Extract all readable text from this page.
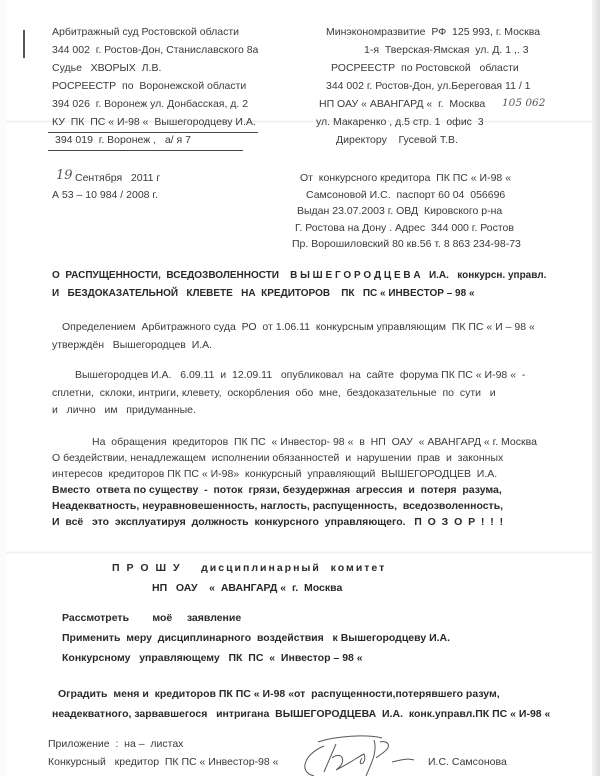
Арбитражный суд Ростовской области
344 002  г. Ростов-Дон, Станиславского 8а
Судье   ХВОРЫХ  Л.В.
РОСРЕЕСТР  по  Воронежской области
394 026  г. Воронеж ул. Донбасская, д. 2
КУ  ПК  ПС « И-98 «  Вышегородцеву И.А.
394 019  г. Воронеж ,   а/ я 7
Минэкономразвитие  РФ  125 993, г. Москва
1-я  Тверская-Ямская  ул. Д. 1 ,. 3
РОСРЕЕСТР  по Ростовской   области
344 002 г. Ростов-Дон, ул.Береговая 11 / 1
НП ОАУ « АВАНГАРД «  г.  Москва 105 062
ул. Макаренко , д.5 стр. 1  офис  3
Директору    Гусевой Т.В.
19 Сентября   2011 г
А 53 – 10 984 / 2008 г.
От  конкурсного кредитора  ПК ПС « И-98 «
Самсоновой И.С.  паспорт 60 04  056696
Выдан 23.07.2003 г. ОВД  Кировского р-на
Г. Ростова на Дону . Адрес  344 000 г. Ростов
Пр. Ворошиловский 80 кв.56 т. 8 863 234-98-73
О  РАСПУЩЕННОСТИ,  ВСЕДОЗВОЛЕННОСТИ    В Ы Ш Е Г О Р О Д Ц Е В А   И.А.   конкурсн. управл.
И   БЕЗДОКАЗАТЕЛЬНОЙ   КЛЕВЕТЕ   НА  КРЕДИТОРОВ    ПК   ПС « ИНВЕСТОР – 98 «
Определением  Арбитражного суда  РО  от 1.06.11  конкурсным управляющим  ПК ПС « И – 98 «
утверждён   Вышегородцев  И.А.
Вышегородцев И.А.   6.09.11  и  12.09.11   опубликовал  на  сайте  форума ПК ПС « И-98 «  -
сплетни,  склоки, интриги, клевету,  оскорбления  обо  мне,  бездоказательные  по  сути   и
и   лично   им   придуманные.
На  обращения  кредиторов  ПК ПС  « Инвестор- 98 «  в  НП  ОАУ  « АВАНГАРД « г. Москва
О бездействии, ненадлежащем  исполнении обязанностей  и  нарушении  прав  и  законных
интересов  кредиторов ПК ПС « И-98»  конкурсный  управляющий  ВЫШЕГОРОДЦЕВ  И.А.
Вместо  ответа по существу  -  поток  грязи, безудержная  агрессия  и  потеря  разума,
Неадекватность, неуравновешенность, наглость, распущенность,  вседозволенность,
И  всё   это  эксплуатируя  должность  конкурсного  управляющего.   П  О  З  О  Р  !  !  !
П Р О Ш У    дисциплинарный  комитет
НП   ОАУ    «  АВАНГАРД «  г.  Москва
Рассмотреть        моё     заявление
Применить  меру  дисциплинарного  воздействия   к Вышегородцеву И.А.
Конкурсному   управляющему   ПК  ПС  «  Инвестор – 98 «
Оградить  меня и  кредиторов ПК ПС « И-98 «от  распущенности,потерявшего разум,
неадекватного, зарвавшегося   интригана  ВЫШЕГОРОДЦЕВА  И.А.  конк.управл.ПК ПС « И-98 «
Приложение  :  на –  листах
Конкурсный   кредитор  ПК ПС « Инвестор-98 «	И.С. Самсонова
